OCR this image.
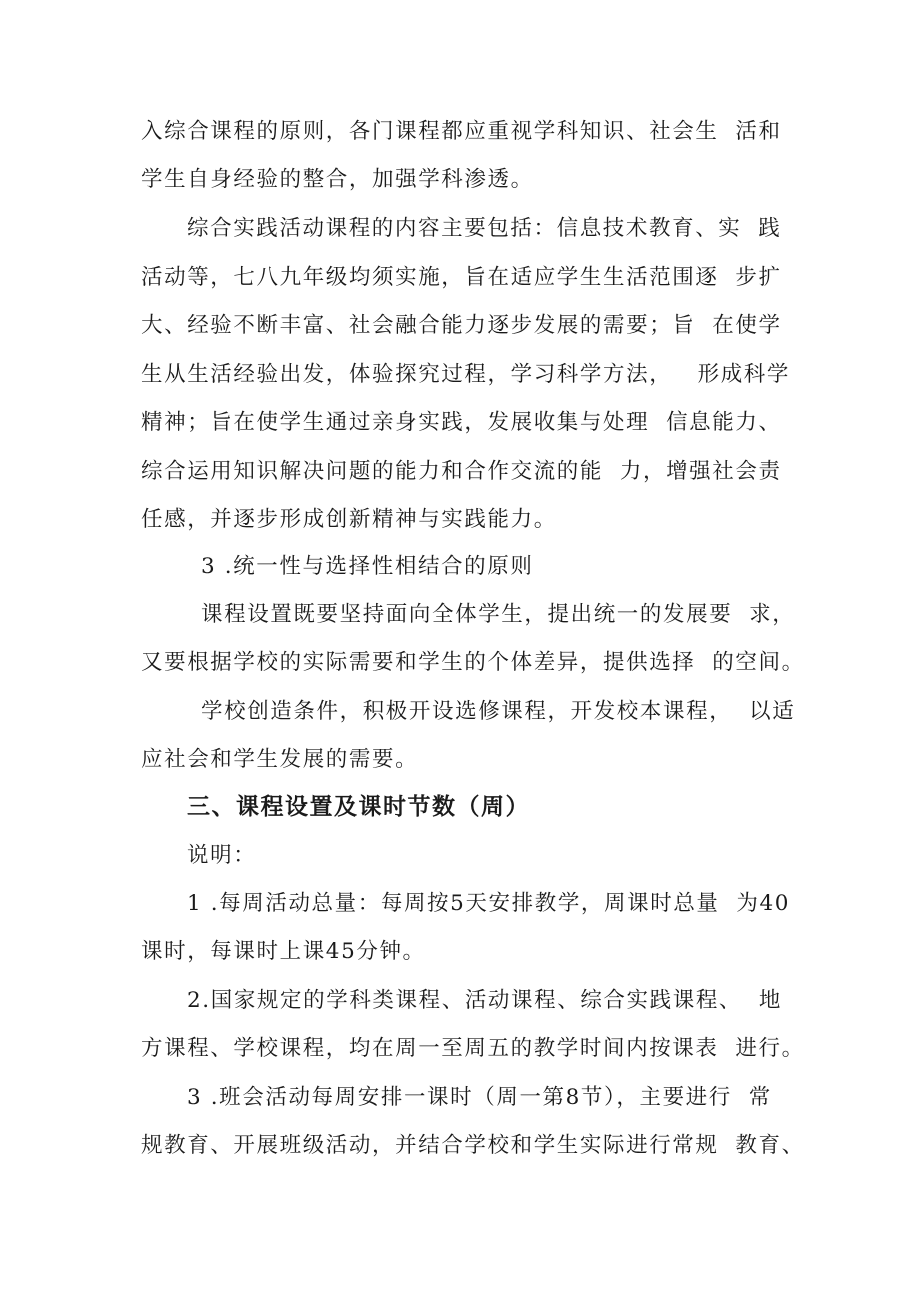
入综合课程的原则，各门课程都应重视学科知识、社会生  活和
学生自身经验的整合，加强学科渗透。
综合实践活动课程的内容主要包括：信息技术教育、实  践
活动等，七八九年级均须实施，旨在适应学生生活范围逐  步扩
大、经验不断丰富、社会融合能力逐步发展的需要；旨  在使学
生从生活经验出发，体验探究过程，学习科学方法，   形成科学
精神；旨在使学生通过亲身实践，发展收集与处理  信息能力、
综合运用知识解决问题的能力和合作交流的能  力，增强社会责
任感，并逐步形成创新精神与实践能力。
3 .统一性与选择性相结合的原则
课程设置既要坚持面向全体学生，提出统一的发展要  求，
又要根据学校的实际需要和学生的个体差异，提供选择  的空间。
学校创造条件，积极开设选修课程，开发校本课程，  以适
应社会和学生发展的需要。
三、课程设置及课时节数（周）
说明：
1 .每周活动总量：每周按5天安排教学，周课时总量  为40
课时，每课时上课45分钟。
2.国家规定的学科类课程、活动课程、综合实践课程、  地
方课程、学校课程，均在周一至周五的教学时间内按课表  进行。
3 .班会活动每周安排一课时（周一第8节），主要进行  常
规教育、开展班级活动，并结合学校和学生实际进行常规  教育、
